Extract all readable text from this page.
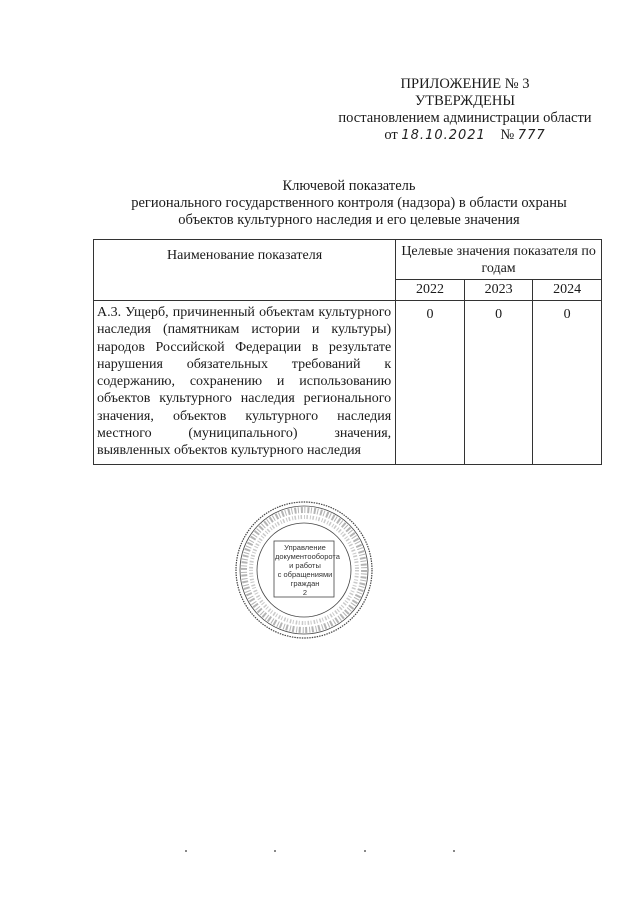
ПРИЛОЖЕНИЕ № 3
УТВЕРЖДЕНЫ
постановлением администрации области
от 18.10.2021 № 777
Ключевой показатель
регионального государственного контроля (надзора) в области охраны
объектов культурного наследия и его целевые значения
Наименование показателя	Целевые значения показателя по годам		
	2022	2023	2024
А.3. Ущерб, причиненный объектам культурного наследия (памятникам истории и культуры) народов Российской Федерации в результате нарушения обязательных требований к содержанию, сохранению и использованию объектов культурного наследия регионального значения, объектов культурного наследия местного (муниципального) значения, выявленных объектов культурного наследия	0	0	0
Управление
документооборота
и работы
с обращениями
граждан
2
